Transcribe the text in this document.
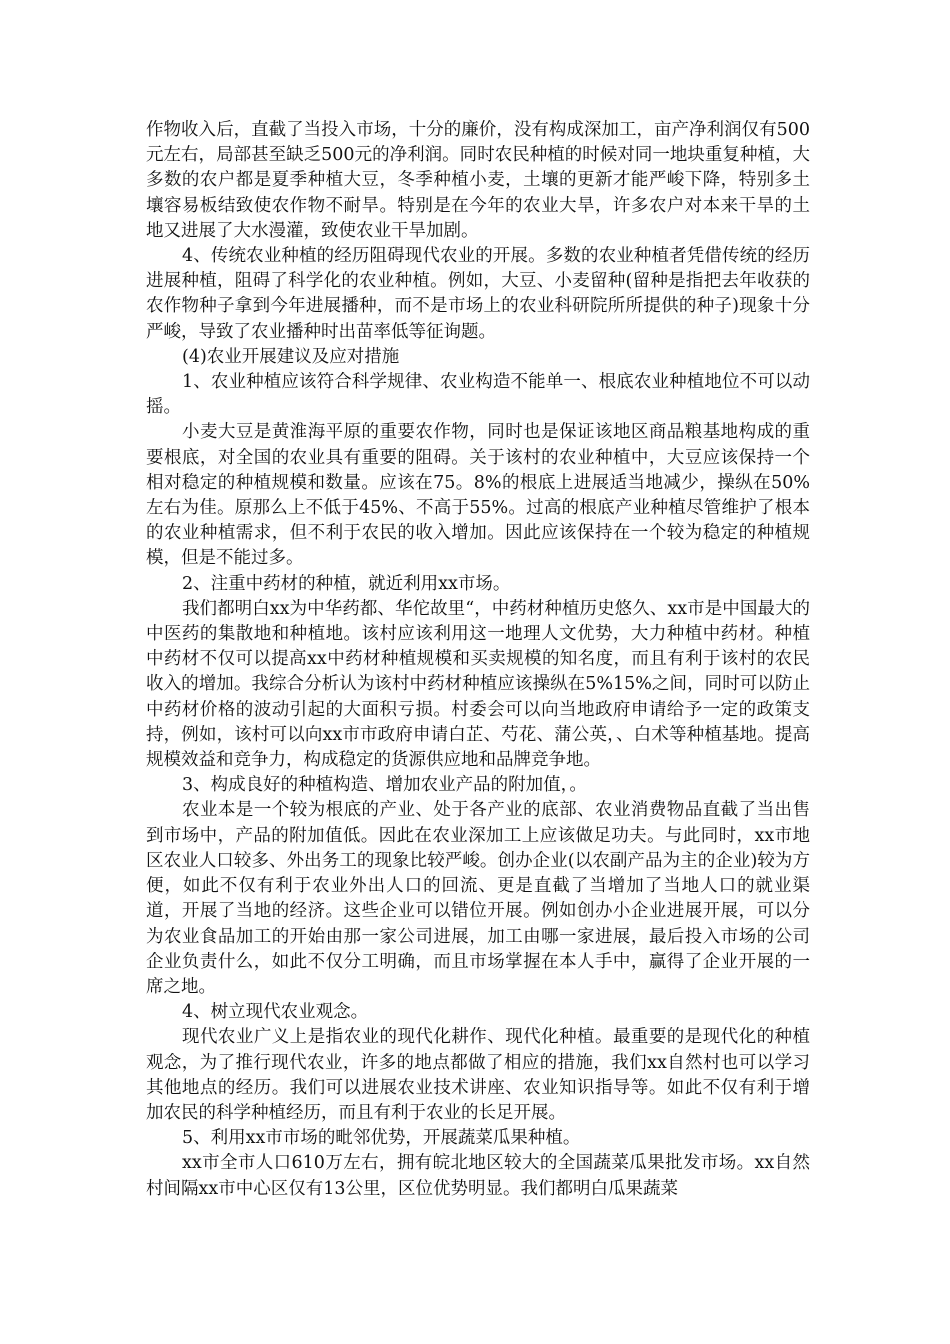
作物收入后，直截了当投入市场，十分的廉价，没有构成深加工，亩产净利润仅有500元左右，局部甚至缺乏500元的净利润。同时农民种植的时候对同一地块重复种植，大多数的农户都是夏季种植大豆，冬季种植小麦，土壤的更新才能严峻下降，特别多土壤容易板结致使农作物不耐旱。特别是在今年的农业大旱，许多农户对本来干旱的土地又进展了大水漫灌，致使农业干旱加剧。

4、传统农业种植的经历阻碍现代农业的开展。多数的农业种植者凭借传统的经历进展种植，阻碍了科学化的农业种植。例如，大豆、小麦留种(留种是指把去年收获的农作物种子拿到今年进展播种，而不是市场上的农业科研院所所提供的种子)现象十分严峻，导致了农业播种时出苗率低等征询题。

(4)农业开展建议及应对措施

1、农业种植应该符合科学规律、农业构造不能单一、根底农业种植地位不可以动摇。

小麦大豆是黄淮海平原的重要农作物，同时也是保证该地区商品粮基地构成的重要根底，对全国的农业具有重要的阻碍。关于该村的农业种植中，大豆应该保持一个相对稳定的种植规模和数量。应该在75。8%的根底上进展适当地减少，操纵在50%左右为佳。原那么上不低于45%、不高于55%。过高的根底产业种植尽管维护了根本的农业种植需求，但不利于农民的收入增加。因此应该保持在一个较为稳定的种植规模，但是不能过多。

2、注重中药材的种植，就近利用xx市场。

我们都明白xx为中华药都、华佗故里“，中药材种植历史悠久、xx市是中国最大的中医药的集散地和种植地。该村应该利用这一地理人文优势，大力种植中药材。种植中药材不仅可以提高xx中药材种植规模和买卖规模的知名度，而且有利于该村的农民收入的增加。我综合分析认为该村中药材种植应该操纵在5%15%之间，同时可以防止中药材价格的波动引起的大面积亏损。村委会可以向当地政府申请给予一定的政策支持，例如，该村可以向xx市市政府申请白芷、芍花、蒲公英，、白术等种植基地。提高规模效益和竞争力，构成稳定的货源供应地和品牌竞争地。

3、构成良好的种植构造、增加农业产品的附加值，。

农业本是一个较为根底的产业、处于各产业的底部、农业消费物品直截了当出售到市场中，产品的附加值低。因此在农业深加工上应该做足功夫。与此同时，xx市地区农业人口较多、外出务工的现象比较严峻。创办企业(以农副产品为主的企业)较为方便，如此不仅有利于农业外出人口的回流、更是直截了当增加了当地人口的就业渠道，开展了当地的经济。这些企业可以错位开展。例如创办小企业进展开展，可以分为农业食品加工的开始由那一家公司进展，加工由哪一家进展，最后投入市场的公司企业负责什么，如此不仅分工明确，而且市场掌握在本人手中，赢得了企业开展的一席之地。

4、树立现代农业观念。

现代农业广义上是指农业的现代化耕作、现代化种植。最重要的是现代化的种植观念，为了推行现代农业，许多的地点都做了相应的措施，我们xx自然村也可以学习其他地点的经历。我们可以进展农业技术讲座、农业知识指导等。如此不仅有利于增加农民的科学种植经历，而且有利于农业的长足开展。

5、利用xx市市场的毗邻优势，开展蔬菜瓜果种植。

xx市全市人口610万左右，拥有皖北地区较大的全国蔬菜瓜果批发市场。xx自然村间隔xx市中心区仅有13公里，区位优势明显。我们都明白瓜果蔬菜
